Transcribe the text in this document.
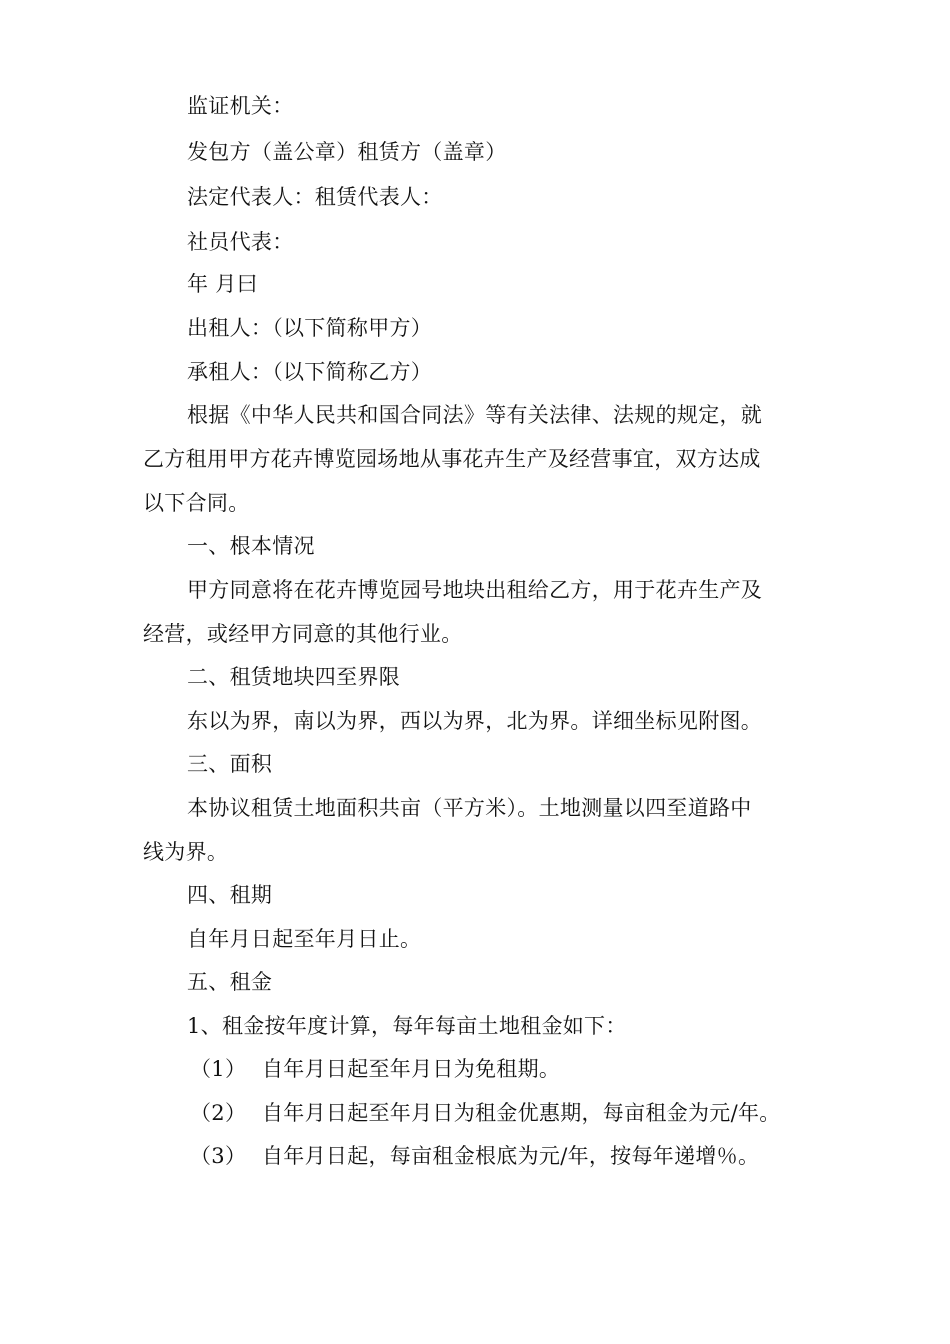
监证机关：
发包方（盖公章）租赁方（盖章）
法定代表人：租赁代表人：
社员代表：
年 月曰
出租人：（以下简称甲方）
承租人：（以下简称乙方）
根据《中华人民共和国合同法》等有关法律、法规的规定，就
乙方租用甲方花卉博览园场地从事花卉生产及经营事宜，双方达成
以下合同。
一、根本情况
甲方同意将在花卉博览园号地块出租给乙方，用于花卉生产及
经营，或经甲方同意的其他行业。
二、租赁地块四至界限
东以为界，南以为界，西以为界，北为界。详细坐标见附图。
三、面积
本协议租赁土地面积共亩（平方米）。土地测量以四至道路中
线为界。
四、租期
自年月日起至年月日止。
五、租金
1、租金按年度计算，每年每亩土地租金如下：
（1） 自年月日起至年月日为免租期。
（2） 自年月日起至年月日为租金优惠期，每亩租金为元/年。
（3） 自年月日起，每亩租金根底为元/年，按每年递增％。
